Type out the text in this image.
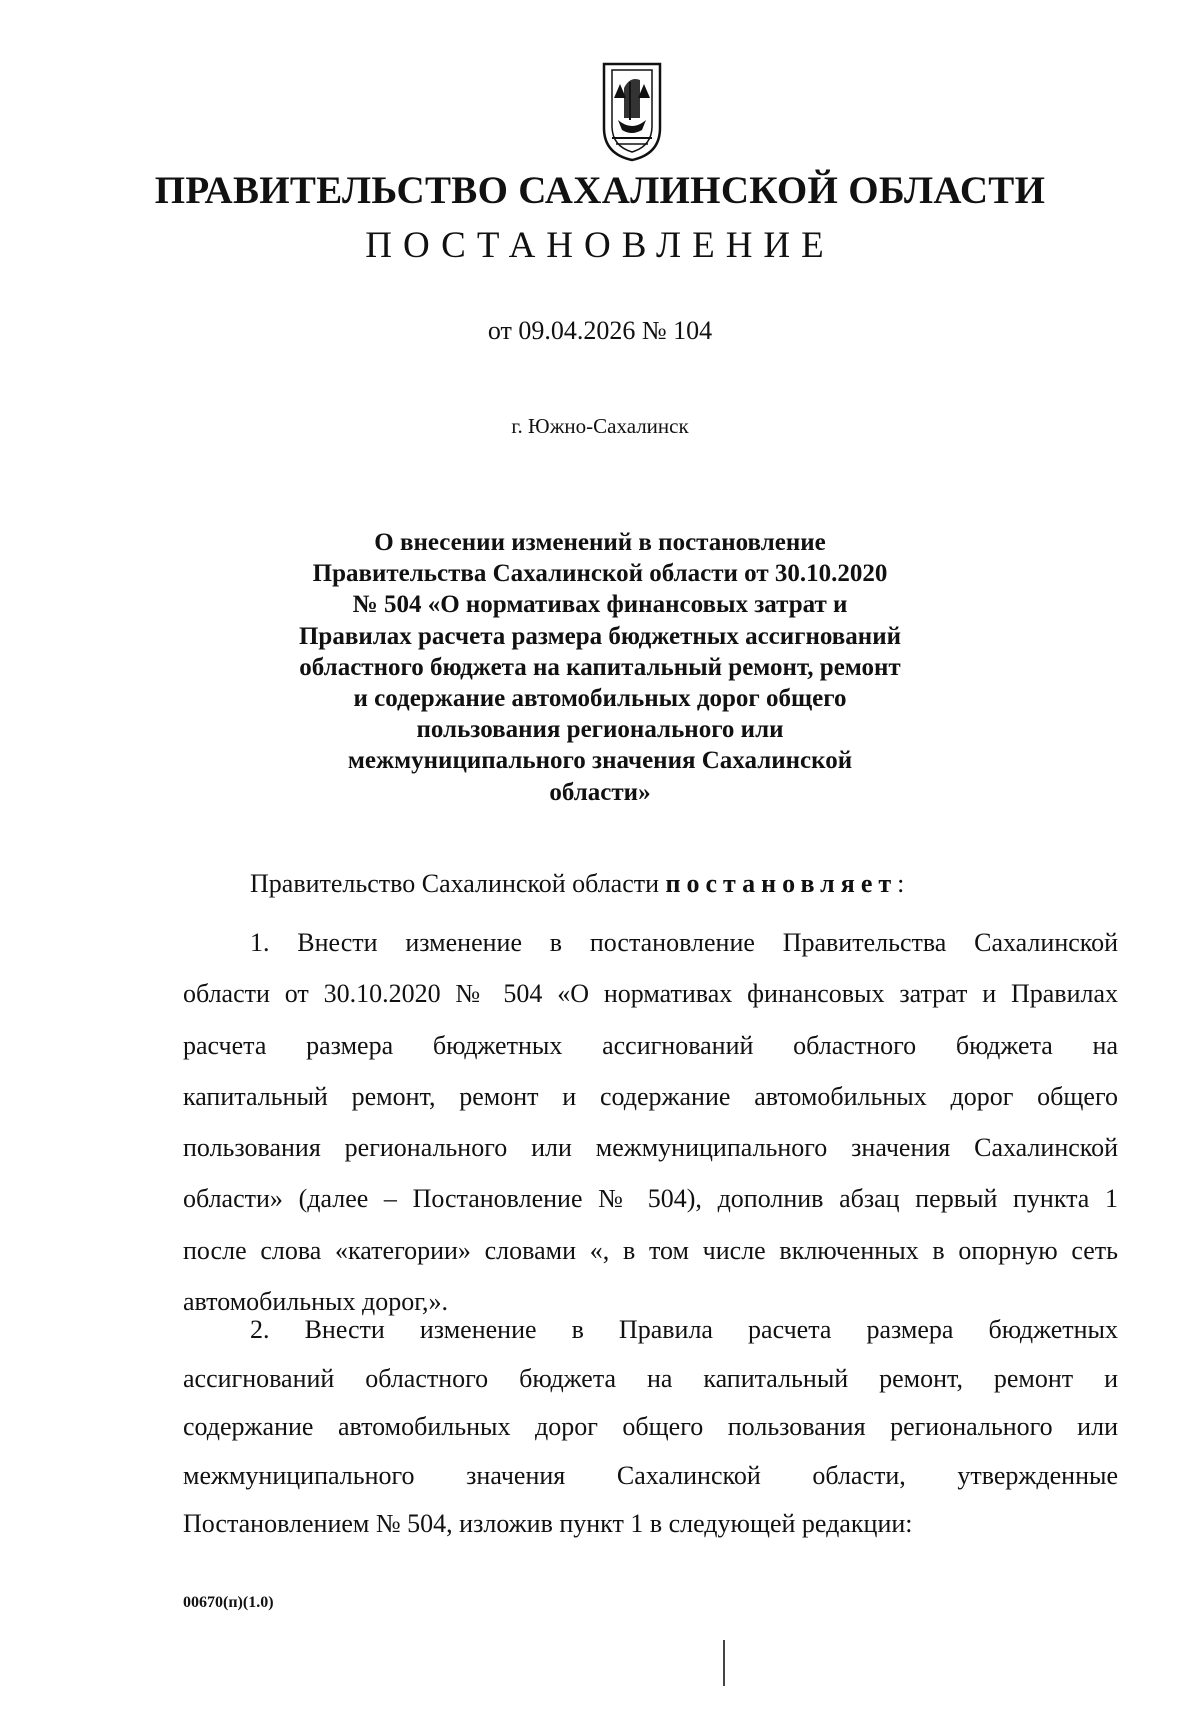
ПРАВИТЕЛЬСТВО САХАЛИНСКОЙ ОБЛАСТИ
ПОСТАНОВЛЕНИЕ
от 09.04.2026 № 104
г. Южно-Сахалинск
О внесении изменений в постановление
Правительства Сахалинской области от 30.10.2020
№ 504 «О нормативах финансовых затрат и
Правилах расчета размера бюджетных ассигнований
областного бюджета на капитальный ремонт, ремонт
и содержание автомобильных дорог общего
пользования регионального или
межмуниципального значения Сахалинской
области»
Правительство Сахалинской области постановляет:
1. Внести изменение в постановление Правительства Сахалинской
области от 30.10.2020 № 504 «О нормативах финансовых затрат и Правилах
расчета размера бюджетных ассигнований областного бюджета на
капитальный ремонт, ремонт и содержание автомобильных дорог общего
пользования регионального или межмуниципального значения Сахалинской
области» (далее – Постановление № 504), дополнив абзац первый пункта 1
после слова «категории» словами «, в том числе включенных в опорную сеть
автомобильных дорог,».
2. Внести изменение в Правила расчета размера бюджетных
ассигнований областного бюджета на капитальный ремонт, ремонт и
содержание автомобильных дорог общего пользования регионального или
межмуниципального значения Сахалинской области, утвержденные
Постановлением № 504, изложив пункт 1 в следующей редакции:
00670(п)(1.0)
